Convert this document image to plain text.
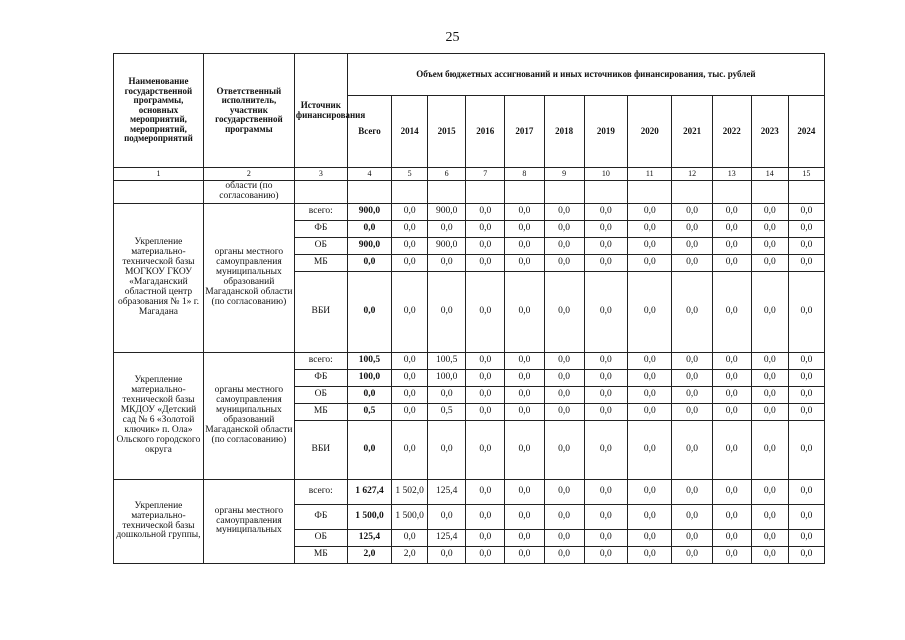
25
Наименование государственной программы, основных мероприятий, мероприятий, подмероприятий	Ответственный исполнитель, участник государственной программы	Источник финансирования	Объем бюджетных ассигнований и иных источников финансирования, тыс. рублей											
			Всего	2014	2015	2016	2017	2018	2019	2020	2021	2022	2023	2024
1	2	3	4	5	6	7	8	9	10	11	12	13	14	15
	области (по согласованию)													
Укрепление материально-технической базы МОГКОУ ГКОУ «Магаданский областной центр образования № 1» г. Магадана	органы местного самоуправления муниципальных образований Магаданской области (по согласованию)	всего:	900,0	0,0	900,0	0,0	0,0	0,0	0,0	0,0	0,0	0,0	0,0	0,0
		ФБ	0,0	0,0	0,0	0,0	0,0	0,0	0,0	0,0	0,0	0,0	0,0	0,0
		ОБ	900,0	0,0	900,0	0,0	0,0	0,0	0,0	0,0	0,0	0,0	0,0	0,0
		МБ	0,0	0,0	0,0	0,0	0,0	0,0	0,0	0,0	0,0	0,0	0,0	0,0
		ВБИ	0,0	0,0	0,0	0,0	0,0	0,0	0,0	0,0	0,0	0,0	0,0	0,0
Укрепление материально-технической базы МКДОУ «Детский сад № 6 «Золотой ключик» п. Ола» Ольского городского округа	органы местного самоуправления муниципальных образований Магаданской области (по согласованию)	всего:	100,5	0,0	100,5	0,0	0,0	0,0	0,0	0,0	0,0	0,0	0,0	0,0
		ФБ	100,0	0,0	100,0	0,0	0,0	0,0	0,0	0,0	0,0	0,0	0,0	0,0
		ОБ	0,0	0,0	0,0	0,0	0,0	0,0	0,0	0,0	0,0	0,0	0,0	0,0
		МБ	0,5	0,0	0,5	0,0	0,0	0,0	0,0	0,0	0,0	0,0	0,0	0,0
		ВБИ	0,0	0,0	0,0	0,0	0,0	0,0	0,0	0,0	0,0	0,0	0,0	0,0
Укрепление материально-технической базы дошкольной группы,	органы местного самоуправления муниципальных	всего:	1 627,4	1 502,0	125,4	0,0	0,0	0,0	0,0	0,0	0,0	0,0	0,0	0,0
		ФБ	1 500,0	1 500,0	0,0	0,0	0,0	0,0	0,0	0,0	0,0	0,0	0,0	0,0
		ОБ	125,4	0,0	125,4	0,0	0,0	0,0	0,0	0,0	0,0	0,0	0,0	0,0
		МБ	2,0	2,0	0,0	0,0	0,0	0,0	0,0	0,0	0,0	0,0	0,0	0,0
